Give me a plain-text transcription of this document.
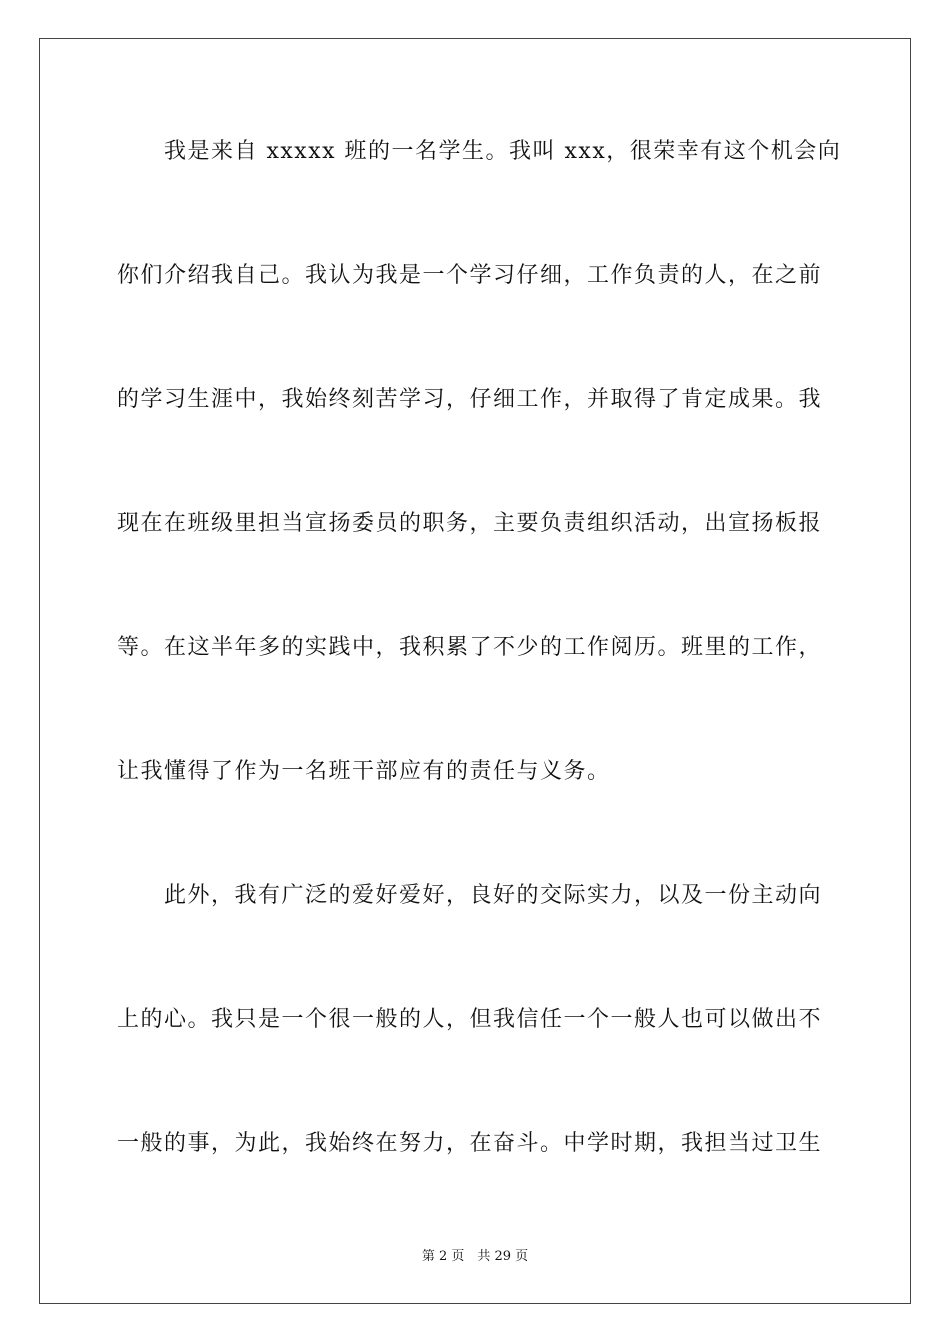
　　我是来自 xxxxx 班的一名学生。我叫 xxx，很荣幸有这个机会向
你们介绍我自己。我认为我是一个学习仔细，工作负责的人，在之前
的学习生涯中，我始终刻苦学习，仔细工作，并取得了肯定成果。我
现在在班级里担当宣扬委员的职务，主要负责组织活动，出宣扬板报
等。在这半年多的实践中，我积累了不少的工作阅历。班里的工作，
让我懂得了作为一名班干部应有的责任与义务。
　　此外，我有广泛的爱好爱好，良好的交际实力，以及一份主动向
上的心。我只是一个很一般的人，但我信任一个一般人也可以做出不
一般的事，为此，我始终在努力，在奋斗。中学时期，我担当过卫生
第 2 页　共 29 页
